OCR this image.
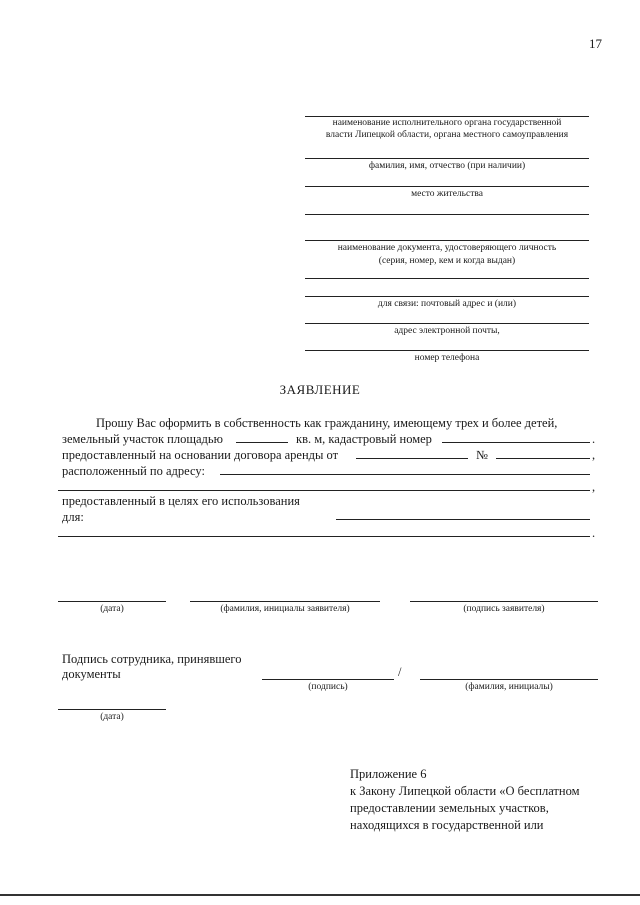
17
наименование исполнительного органа государственной
власти Липецкой области, органа местного самоуправления
фамилия, имя, отчество (при наличии)
место жительства
наименование документа, удостоверяющего личность
(серия, номер, кем и когда выдан)
для связи: почтовый адрес и (или)
адрес электронной почты,
номер телефона
ЗАЯВЛЕНИЕ
Прошу Вас оформить в собственность как гражданину, имеющему трех и более детей,
земельный участок площадью	кв. м, кадастровый номер	.
предоставленный на основании договора аренды от	№	,
расположенный по адресу:
,
предоставленный в целях его использования
для:
.
(дата)	(фамилия, инициалы заявителя)	(подпись заявителя)
Подпись сотрудника, принявшего
документы
(подпись)
/
(фамилия, инициалы)
(дата)
Приложение 6
к Закону Липецкой области «О бесплатном
предоставлении земельных участков,
находящихся в государственной или
